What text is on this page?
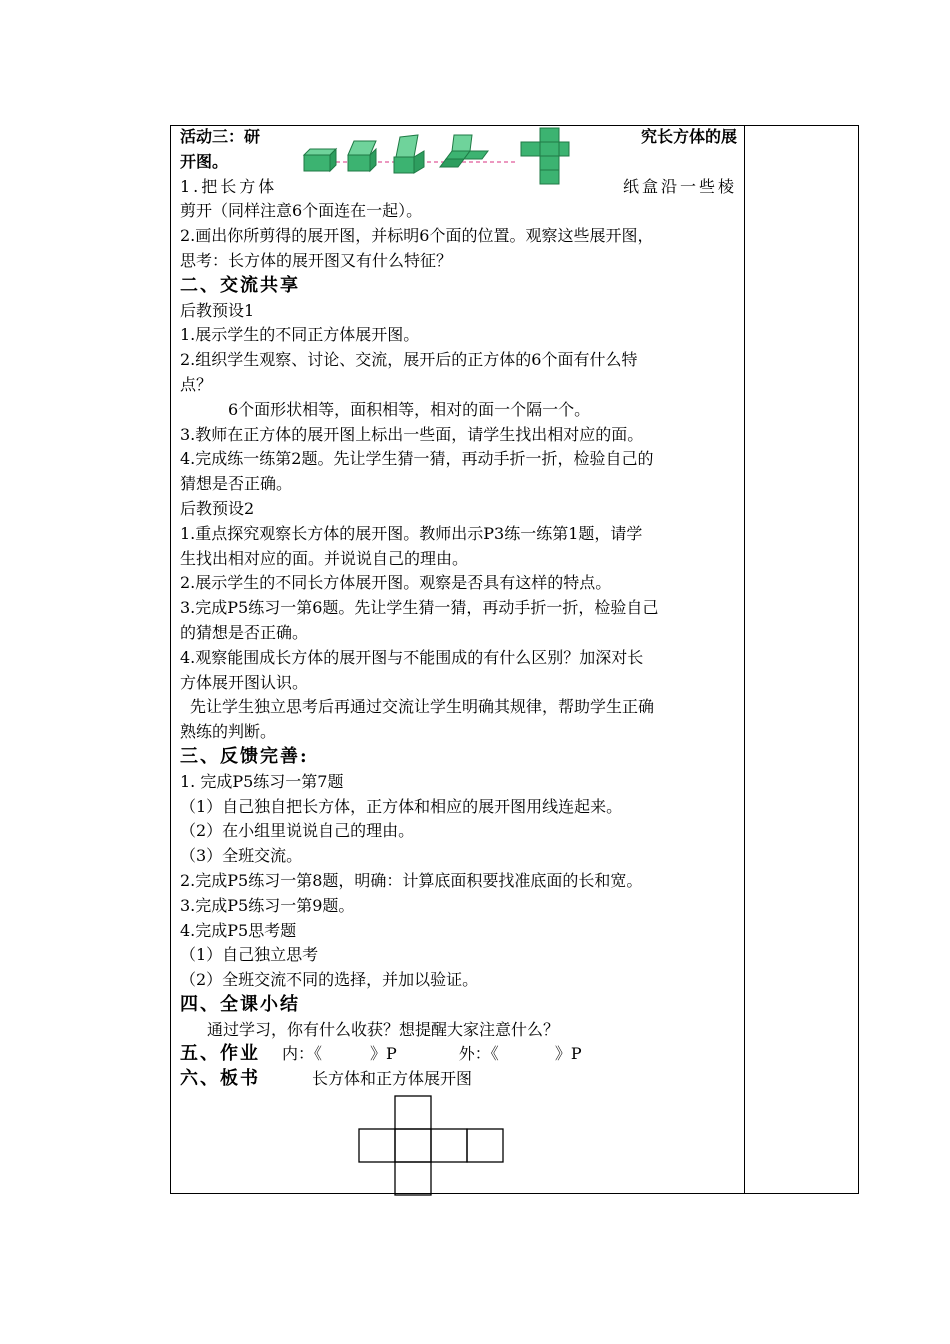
活动三：研	究长方体的展
开图。
1.把长方体	纸盒沿一些棱
剪开（同样注意6个面连在一起）。
2.画出你所剪得的展开图，并标明6个面的位置。观察这些展开图，
思考：长方体的展开图又有什么特征？
二、交流共享
后教预设1
1.展示学生的不同正方体展开图。
2.组织学生观察、讨论、交流，展开后的正方体的6个面有什么特
点？
6个面形状相等，面积相等，相对的面一个隔一个。
3.教师在正方体的展开图上标出一些面，请学生找出相对应的面。
4.完成练一练第2题。先让学生猜一猜，再动手折一折，检验自己的
猜想是否正确。
后教预设2
1.重点探究观察长方体的展开图。教师出示P3练一练第1题，请学
生找出相对应的面。并说说自己的理由。
2.展示学生的不同长方体展开图。观察是否具有这样的特点。
3.完成P5练习一第6题。先让学生猜一猜，再动手折一折，检验自己
的猜想是否正确。
4.观察能围成长方体的展开图与不能围成的有什么区别？加深对长
方体展开图认识。
先让学生独立思考后再通过交流让学生明确其规律，帮助学生正确
熟练的判断。
三、反馈完善:
1. 完成P5练习一第7题
（1）自己独自把长方体，正方体和相应的展开图用线连起来。
（2）在小组里说说自己的理由。
（3）全班交流。
2.完成P5练习一第8题，明确：计算底面积要找准底面的长和宽。
3.完成P5练习一第9题。
4.完成P5思考题
（1）自己独立思考
（2）全班交流不同的选择，并加以验证。
四、全课小结
通过学习，你有什么收获？想提醒大家注意什么？
五、作业 内：《	》P	外：《	》P
六、板书	长方体和正方体展开图
